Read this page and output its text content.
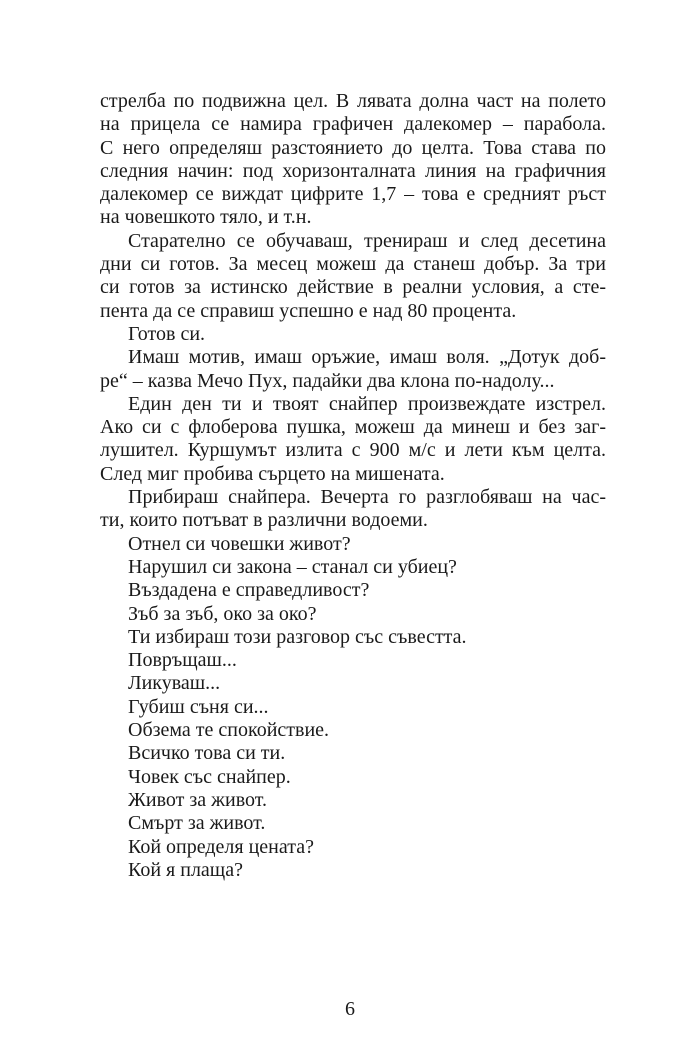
стрелба по подвижна цел. В лявата долна част на полето
на прицела се намира графичен далекомер – парабола.
С него определяш разстоянието до целта. Това става по
следния начин: под хоризонталната линия на графичния
далекомер се виждат цифрите 1,7 – това е средният ръст
на човешкото тяло, и т.н.
Старателно се обучаваш, тренираш и след десетина
дни си готов. За месец можеш да станеш добър. За три
си готов за истинско действие в реални условия, а сте-
пента да се справиш успешно е над 80 процента.
Готов си.
Имаш мотив, имаш оръжие, имаш воля. „Дотук доб-
ре“ – казва Мечо Пух, падайки два клона по-надолу...
Един ден ти и твоят снайпер произвеждате изстрел.
Ако си с флоберова пушка, можеш да минеш и без заг-
лушител. Куршумът излита с 900 м/с и лети към целта.
След миг пробива сърцето на мишената.
Прибираш снайпера. Вечерта го разглобяваш на час-
ти, които потъват в различни водоеми.
Отнел си човешки живот?
Нарушил си закона – станал си убиец?
Въздадена е справедливост?
Зъб за зъб, око за око?
Ти избираш този разговор със съвестта.
Повръщаш...
Ликуваш...
Губиш съня си...
Обзема те спокойствие.
Всичко това си ти.
Човек със снайпер.
Живот за живот.
Смърт за живот.
Кой определя цената?
Кой я плаща?
6
